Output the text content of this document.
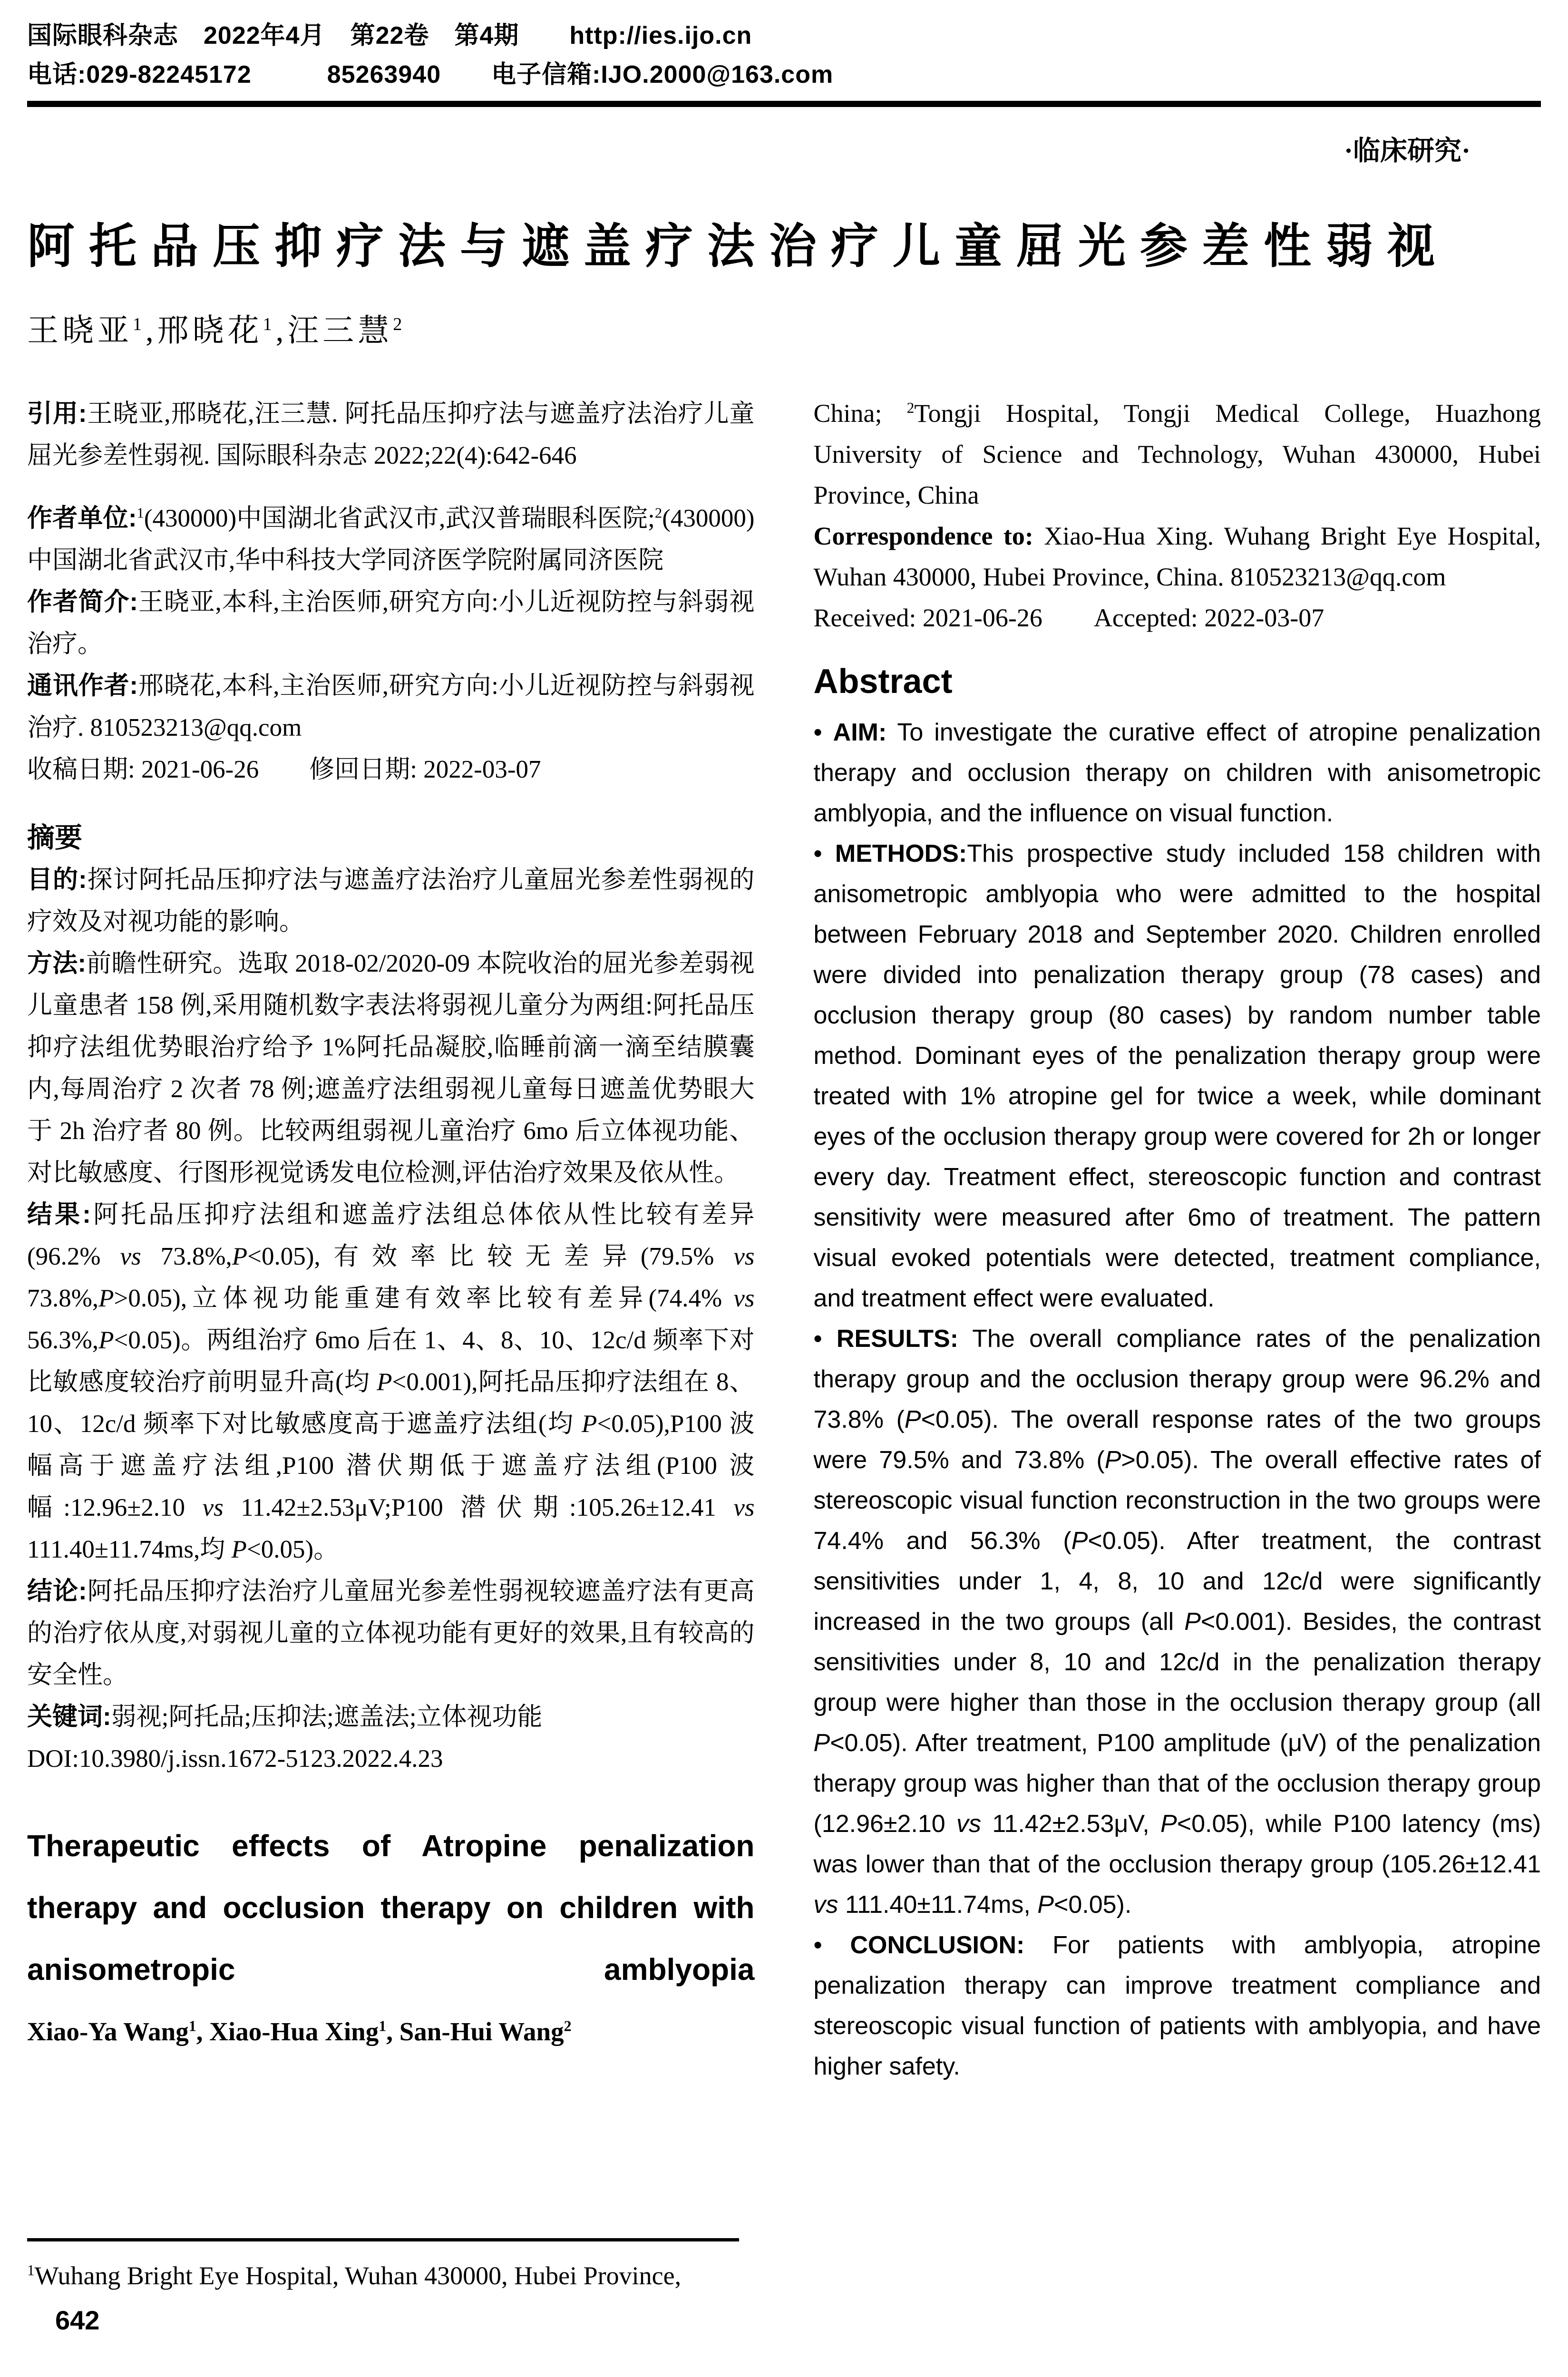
国际眼科杂志　2022年4月　第22卷　第4期　　http://ies.ijo.cn
电话:029-82245172　　　85263940　　电子信箱:IJO.2000@163.com
·临床研究·
阿托品压抑疗法与遮盖疗法治疗儿童屈光参差性弱视
王晓亚$^1$,邢晓花$^1$,汪三慧$^2$

引用:王晓亚,邢晓花,汪三慧. 阿托品压抑疗法与遮盖疗法治疗儿童屈光参差性弱视. 国际眼科杂志 2022;22(4):642-646

作者单位:$^1$(430000)中国湖北省武汉市,武汉普瑞眼科医院;$^2$(430000)中国湖北省武汉市,华中科技大学同济医学院附属同济医院

作者简介:王晓亚,本科,主治医师,研究方向:小儿近视防控与斜弱视治疗。

通讯作者:邢晓花,本科,主治医师,研究方向:小儿近视防控与斜弱视治疗. 810523213@qq.com

收稿日期: 2021-06-26　　修回日期: 2022-03-07

摘要

目的:探讨阿托品压抑疗法与遮盖疗法治疗儿童屈光参差性弱视的疗效及对视功能的影响。

方法:前瞻性研究。选取 2018-02/2020-09 本院收治的屈光参差弱视儿童患者 158 例,采用随机数字表法将弱视儿童分为两组:阿托品压抑疗法组优势眼治疗给予 1%阿托品凝胶,临睡前滴一滴至结膜囊内,每周治疗 2 次者 78 例;遮盖疗法组弱视儿童每日遮盖优势眼大于 2h 治疗者 80 例。比较两组弱视儿童治疗 6mo 后立体视功能、对比敏感度、行图形视觉诱发电位检测,评估治疗效果及依从性。

结果:阿托品压抑疗法组和遮盖疗法组总体依从性比较有差异(96.2% vs 73.8%,P<0.05),有效率比较无差异(79.5% vs 73.8%,P>0.05),立体视功能重建有效率比较有差异(74.4% vs 56.3%,P<0.05)。两组治疗 6mo 后在 1、4、8、10、12c/d 频率下对比敏感度较治疗前明显升高(均 P<0.001),阿托品压抑疗法组在 8、10、12c/d 频率下对比敏感度高于遮盖疗法组(均 P<0.05),P100 波幅高于遮盖疗法组,P100 潜伏期低于遮盖疗法组(P100 波幅:12.96±2.10 vs 11.42±2.53μV;P100 潜伏期:105.26±12.41 vs 111.40±11.74ms,均 P<0.05)。

结论:阿托品压抑疗法治疗儿童屈光参差性弱视较遮盖疗法有更高的治疗依从度,对弱视儿童的立体视功能有更好的效果,且有较高的安全性。

关键词:弱视;阿托品;压抑法;遮盖法;立体视功能

DOI:10.3980/j.issn.1672-5123.2022.4.23

Therapeutic effects of Atropine penalization therapy and occlusion therapy on children with anisometropic amblyopia
Xiao-Ya Wang$^1$, Xiao-Hua Xing$^1$, San-Hui Wang$^2$

China; $^2$Tongji Hospital, Tongji Medical College, Huazhong University of Science and Technology, Wuhan 430000, Hubei Province, China

Correspondence to: Xiao-Hua Xing. Wuhang Bright Eye Hospital, Wuhan 430000, Hubei Province, China. 810523213@qq.com

Received: 2021-06-26　　Accepted: 2022-03-07

Abstract

• AIM: To investigate the curative effect of atropine penalization therapy and occlusion therapy on children with anisometropic amblyopia, and the influence on visual function.

• METHODS:This prospective study included 158 children with anisometropic amblyopia who were admitted to the hospital between February 2018 and September 2020. Children enrolled were divided into penalization therapy group (78 cases) and occlusion therapy group (80 cases) by random number table method. Dominant eyes of the penalization therapy group were treated with 1% atropine gel for twice a week, while dominant eyes of the occlusion therapy group were covered for 2h or longer every day. Treatment effect, stereoscopic function and contrast sensitivity were measured after 6mo of treatment. The pattern visual evoked potentials were detected, treatment compliance, and treatment effect were evaluated.

• RESULTS: The overall compliance rates of the penalization therapy group and the occlusion therapy group were 96.2% and 73.8% (P<0.05). The overall response rates of the two groups were 79.5% and 73.8% (P>0.05). The overall effective rates of stereoscopic visual function reconstruction in the two groups were 74.4% and 56.3% (P<0.05). After treatment, the contrast sensitivities under 1, 4, 8, 10 and 12c/d were significantly increased in the two groups (all P<0.001). Besides, the contrast sensitivities under 8, 10 and 12c/d in the penalization therapy group were higher than those in the occlusion therapy group (all P<0.05). After treatment, P100 amplitude (μV) of the penalization therapy group was higher than that of the occlusion therapy group (12.96±2.10 vs 11.42±2.53μV, P<0.05), while P100 latency (ms) was lower than that of the occlusion therapy group (105.26±12.41 vs 111.40±11.74ms, P<0.05).

• CONCLUSION: For patients with amblyopia, atropine penalization therapy can improve treatment compliance and stereoscopic visual function of patients with amblyopia, and have higher safety.

$^1$Wuhang Bright Eye Hospital, Wuhan 430000, Hubei Province,

642
